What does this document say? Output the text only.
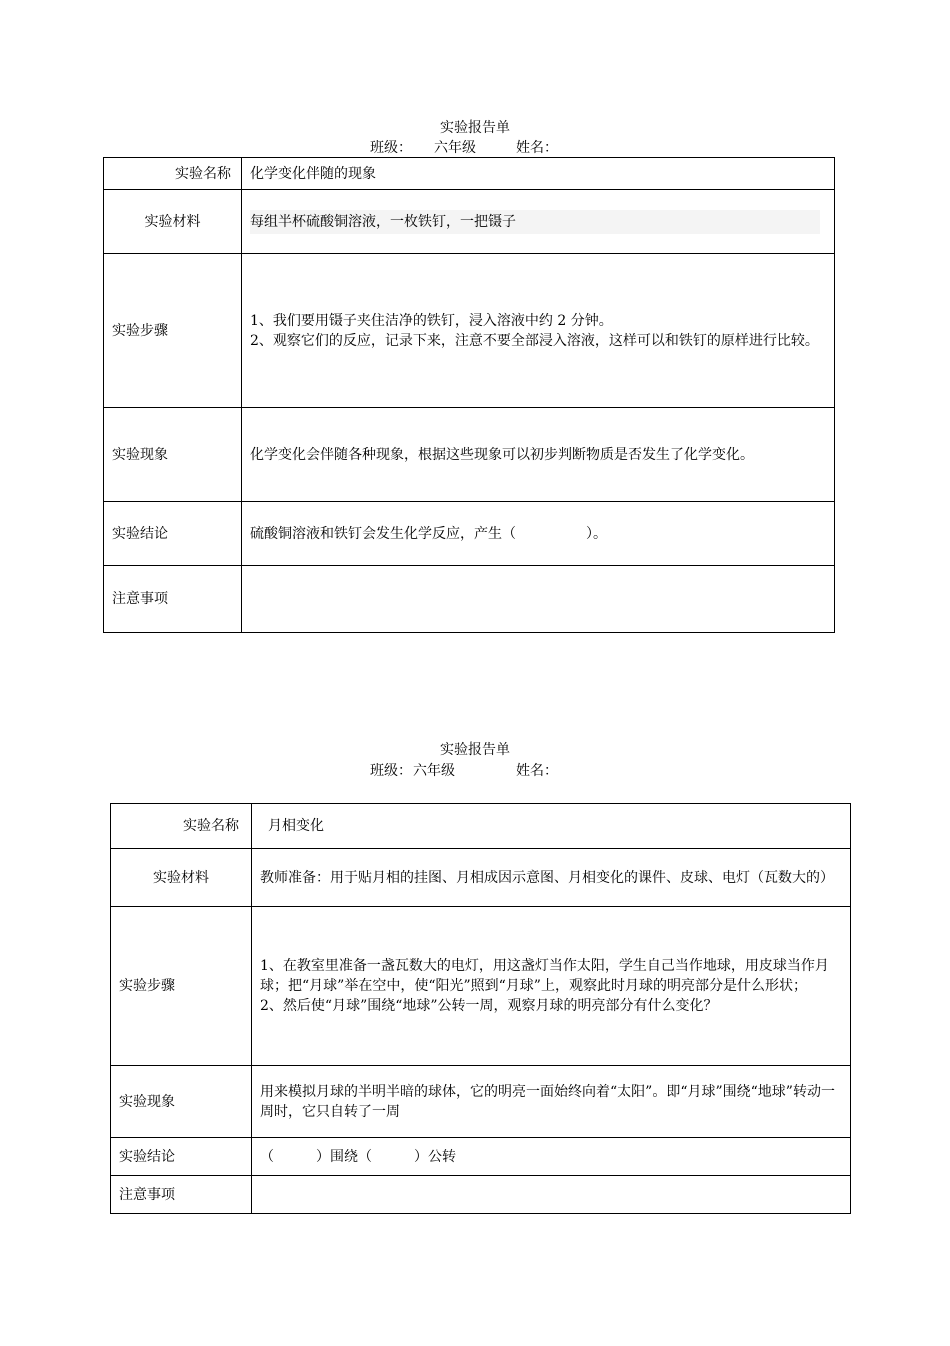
实验报告单
班级： 六年级	姓名：
实验名称	化学变化伴随的现象
实验材料	每组半杯硫酸铜溶液，一枚铁钉，一把镊子
实验步骤	1、我们要用镊子夹住洁净的铁钉，浸入溶液中约 2 分钟。
2、观察它们的反应，记录下来，注意不要全部浸入溶液，这样可以和铁钉的原样进行比较。

实验现象	化学变化会伴随各种现象，根据这些现象可以初步判断物质是否发生了化学变化。
实验结论	硫酸铜溶液和铁钉会发生化学反应，产生（　　　　　）。
注意事项	
实验报告单
班级： 六年级	姓名：
实验名称	月相变化
实验材料	教师准备：用于贴月相的挂图、月相成因示意图、月相变化的课件、皮球、电灯（瓦数大的）
实验步骤	1、在教室里准备一盏瓦数大的电灯，用这盏灯当作太阳，学生自己当作地球，用皮球当作月球；把“月球”举在空中，使“阳光”照到“月球”上，观察此时月球的明亮部分是什么形状；
2、然后使“月球”围绕“地球”公转一周，观察月球的明亮部分有什么变化？

实验现象	用来模拟月球的半明半暗的球体，它的明亮一面始终向着“太阳”。即“月球”围绕“地球”转动一周时，它只自转了一周
实验结论	（　　　）围绕（　　　）公转
注意事项	
